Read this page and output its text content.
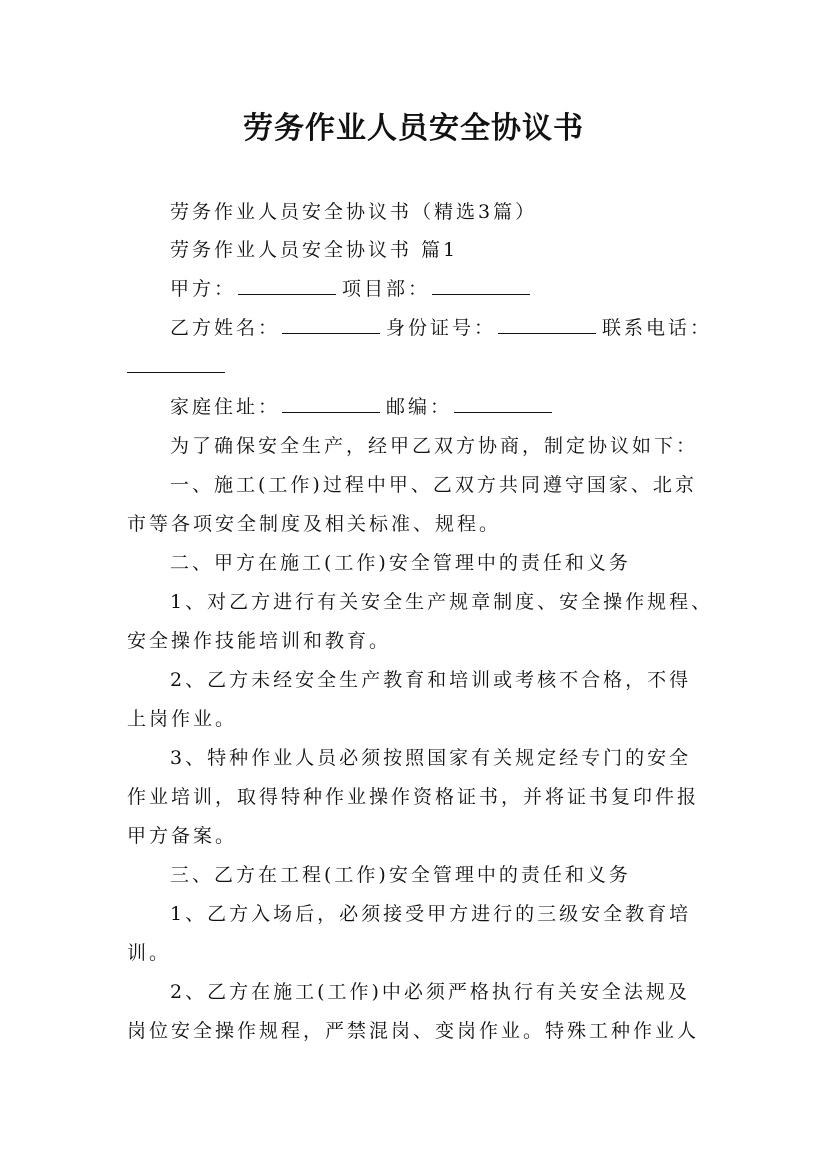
劳务作业人员安全协议书
劳务作业人员安全协议书（精选3篇）
劳务作业人员安全协议书 篇1
甲方：	项目部：
乙方姓名：	身份证号：	联系电话：
家庭住址：	邮编：
为了确保安全生产，经甲乙双方协商，制定协议如下：
一、施工(工作)过程中甲、乙双方共同遵守国家、北京
市等各项安全制度及相关标准、规程。
二、甲方在施工(工作)安全管理中的责任和义务
1、对乙方进行有关安全生产规章制度、安全操作规程、
安全操作技能培训和教育。
2、乙方未经安全生产教育和培训或考核不合格，不得
上岗作业。
3、特种作业人员必须按照国家有关规定经专门的安全
作业培训，取得特种作业操作资格证书，并将证书复印件报
甲方备案。
三、乙方在工程(工作)安全管理中的责任和义务
1、乙方入场后，必须接受甲方进行的三级安全教育培
训。
2、乙方在施工(工作)中必须严格执行有关安全法规及
岗位安全操作规程，严禁混岗、变岗作业。特殊工种作业人
